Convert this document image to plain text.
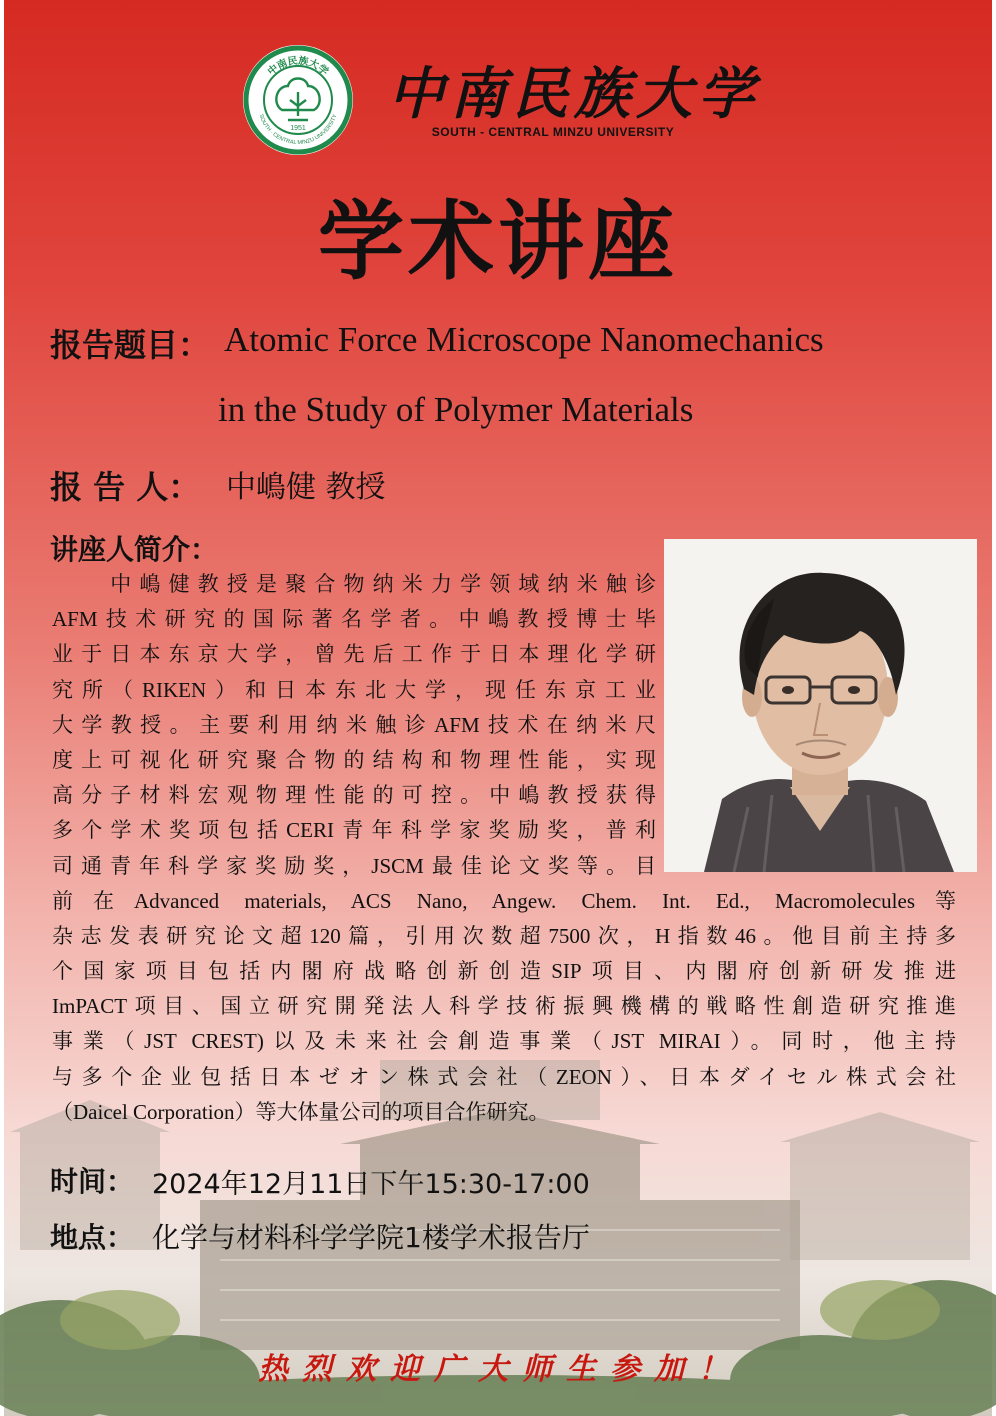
中南民族大学
SOUTH · CENTRAL MINZU UNIVERSITY
1951
中南民族大学
SOUTH - CENTRAL MINZU UNIVERSITY
学术讲座
报告题目： Atomic Force Microscope Nanomechanics
in the Study of Polymer Materials
报 告 人： 中嶋健 教授
讲座人简介：
　　中嶋健教授是聚合物纳米力学领域纳米触诊
AFM技术研究的国际著名学者。中嶋教授博士毕
业于日本东京大学，曾先后工作于日本理化学研
究所（RIKEN）和日本东北大学，现任东京工业
大学教授。主要利用纳米触诊AFM技术在纳米尺
度上可视化研究聚合物的结构和物理性能，实现
高分子材料宏观物理性能的可控。中嶋教授获得
多个学术奖项包括CERI青年科学家奖励奖，普利
司通青年科学家奖励奖，JSCM最佳论文奖等。目
前在Advanced materials, ACS Nano, Angew. Chem. Int. Ed., Macromolecules等
杂志发表研究论文超120篇，引用次数超7500次，H指数46。他目前主持多
个国家项目包括内閣府战略创新创造SIP项目、内閣府创新研发推进
ImPACT项目、国立研究開発法人科学技術振興機構的戦略性創造研究推進
事業（JST CREST)以及未来社会創造事業（JST MIRAI）。同时，他主持
与多个企业包括日本ゼオン株式会社（ZEON）、日本ダイセル株式会社
（Daicel Corporation）等大体量公司的项目合作研究。
时间： 2024年12月11日下午15:30-17:00
地点： 化学与材料科学学院1楼学术报告厅
热烈欢迎广大师生参加！
